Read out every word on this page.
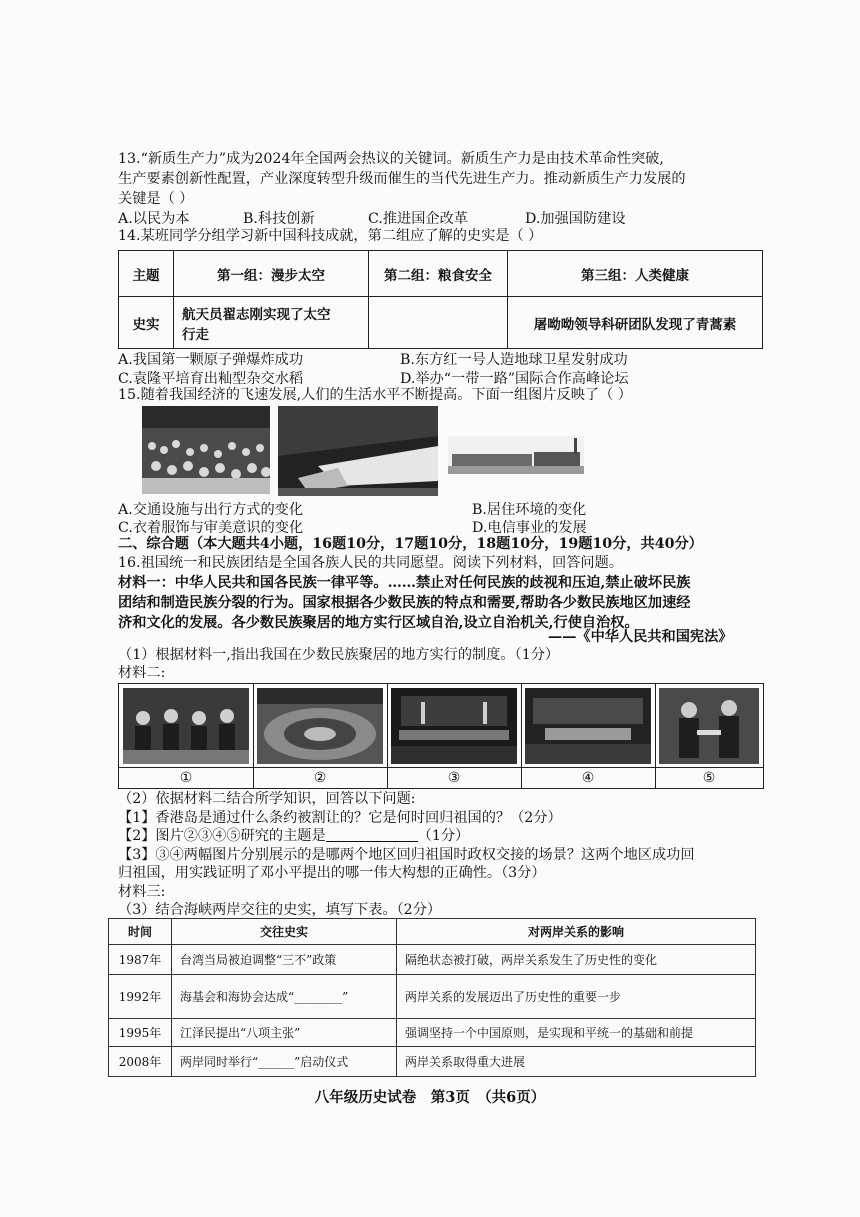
13.“新质生产力”成为2024年全国两会热议的关键词。新质生产力是由技术革命性突破,
生产要素创新性配置，产业深度转型升级而催生的当代先进生产力。推动新质生产力发展的
关键是（ ）
A.以民为本	B.科技创新	C.推进国企改革	D.加强国防建设
14.某班同学分组学习新中国科技成就，第二组应了解的史实是（ ）
主题	第一组：漫步太空	第二组：粮食安全	第三组：人类健康
史实	航天员翟志刚实现了太空
行走		屠呦呦领导科研团队发现了青蒿素
A.我国第一颗原子弹爆炸成功	B.东方红一号人造地球卫星发射成功
C.袁隆平培育出籼型杂交水稻	D.举办“一带一路”国际合作高峰论坛
15.随着我国经济的飞速发展,人们的生活水平不断提高。下面一组图片反映了（ ）
A.交通设施与出行方式的变化	B.居住环境的变化
C.衣着服饰与审美意识的变化	D.电信事业的发展
二、综合题（本大题共4小题，16题10分，17题10分，18题10分，19题10分，共40分）
16.祖国统一和民族团结是全国各族人民的共同愿望。阅读下列材料，回答问题。
材料一：中华人民共和国各民族一律平等。……禁止对任何民族的歧视和压迫,禁止破坏民族
团结和制造民族分裂的行为。国家根据各少数民族的特点和需要,帮助各少数民族地区加速经
济和文化的发展。各少数民族聚居的地方实行区域自治,设立自治机关,行使自治权。
——《中华人民共和国宪法》
（1）根据材料一,指出我国在少数民族聚居的地方实行的制度。（1分）
材料二:
①	②	③	④	⑤
（2）依据材料二结合所学知识，回答以下问题:
【1】香港岛是通过什么条约被割让的？它是何时回归祖国的？（2分）
【2】图片②③④⑤研究的主题是	（1分）
【3】③④两幅图片分别展示的是哪两个地区回归祖国时政权交接的场景？这两个地区成功回
归祖国，用实践证明了邓小平提出的哪一伟大构想的正确性。（3分）
材料三:
（3）结合海峡两岸交往的史实，填写下表。（2分）
时间	交往史实	对两岸关系的影响
1987年	台湾当局被迫调整“三不”政策	隔绝状态被打破，两岸关系发生了历史性的变化
1992年	海基会和海协会达成“________”	两岸关系的发展迈出了历史性的重要一步
1995年	江泽民提出“八项主张”	强调坚持一个中国原则，是实现和平统一的基础和前提
2008年	两岸同时举行“______”启动仪式	两岸关系取得重大进展
八年级历史试卷　第3页　（共6页）
